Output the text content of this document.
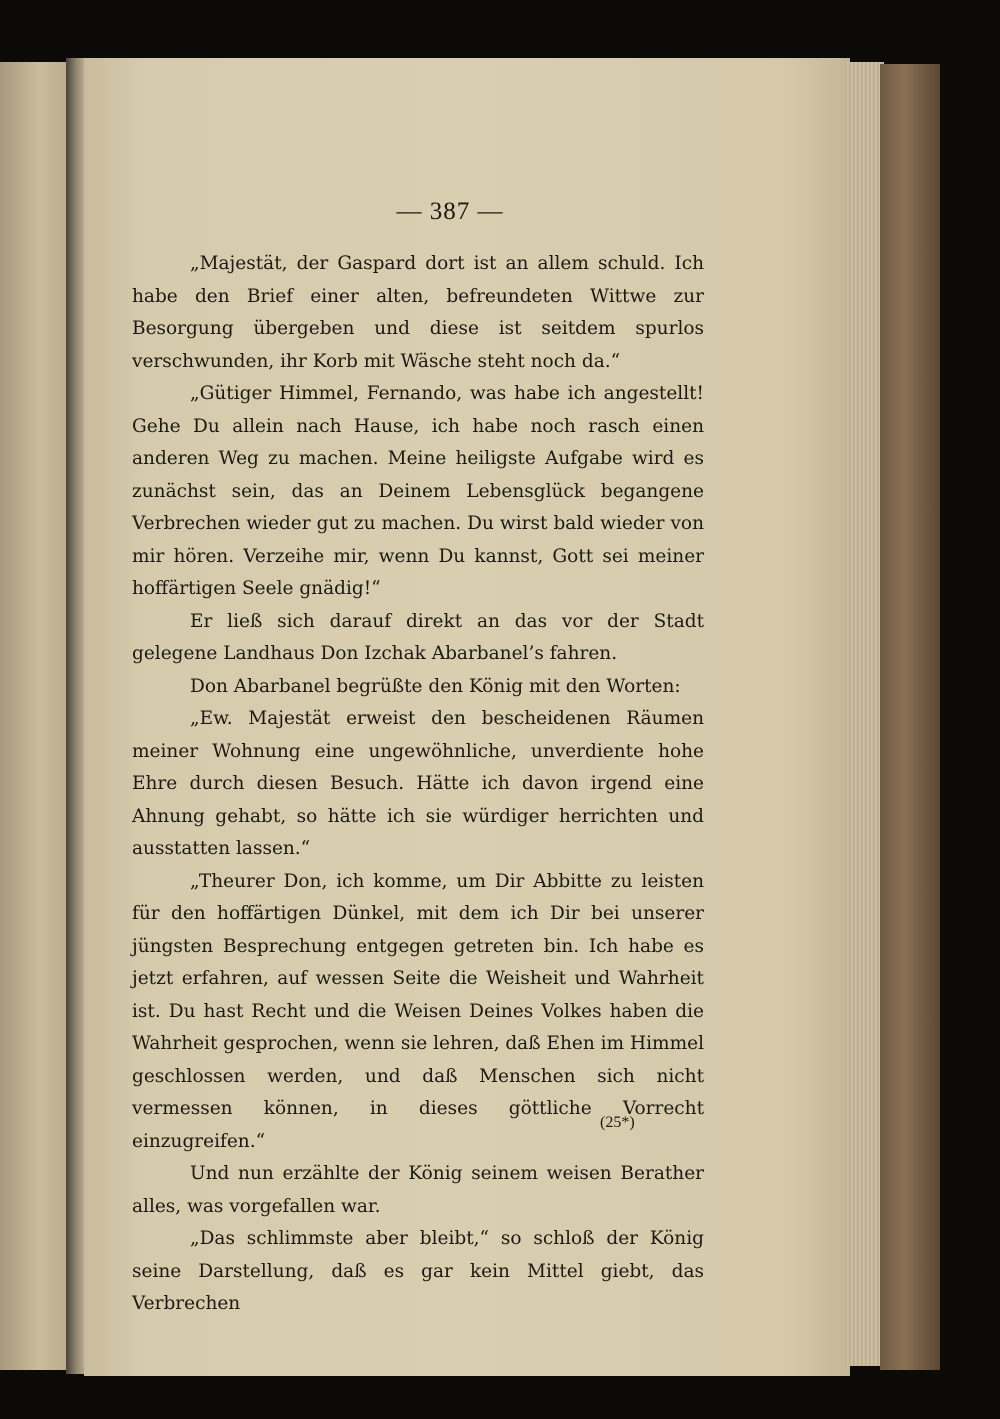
— 387 —

„Majestät, der Gaspard dort ist an allem schuld. Ich habe den Brief einer alten, befreundeten Wittwe zur Besorgung übergeben und diese ist seitdem spurlos verschwunden, ihr Korb mit Wäsche steht noch da.“

„Gütiger Himmel, Fernando, was habe ich angestellt! Gehe Du allein nach Hause, ich habe noch rasch einen anderen Weg zu machen. Meine heiligste Aufgabe wird es zunächst sein, das an Deinem Lebensglück begangene Verbrechen wieder gut zu machen. Du wirst bald wieder von mir hören. Verzeihe mir, wenn Du kannst, Gott sei meiner hoffärtigen Seele gnädig!“

Er ließ sich darauf direkt an das vor der Stadt gelegene Landhaus Don Izchak Abarbanel’s fahren.

Don Abarbanel begrüßte den König mit den Worten:

„Ew. Majestät erweist den bescheidenen Räumen meiner Wohnung eine ungewöhnliche, unverdiente hohe Ehre durch diesen Besuch. Hätte ich davon irgend eine Ahnung gehabt, so hätte ich sie würdiger herrichten und ausstatten lassen.“

„Theurer Don, ich komme, um Dir Abbitte zu leisten für den hoffärtigen Dünkel, mit dem ich Dir bei unserer jüngsten Besprechung entgegen getreten bin. Ich habe es jetzt erfahren, auf wessen Seite die Weisheit und Wahrheit ist. Du hast Recht und die Weisen Deines Volkes haben die Wahrheit gesprochen, wenn sie lehren, daß Ehen im Himmel geschlossen werden, und daß Menschen sich nicht vermessen können, in dieses göttliche Vorrecht einzugreifen.“

Und nun erzählte der König seinem weisen Berather alles, was vorgefallen war.

„Das schlimmste aber bleibt,“ so schloß der König seine Darstellung, daß es gar kein Mittel giebt, das Verbrechen

(25*)
